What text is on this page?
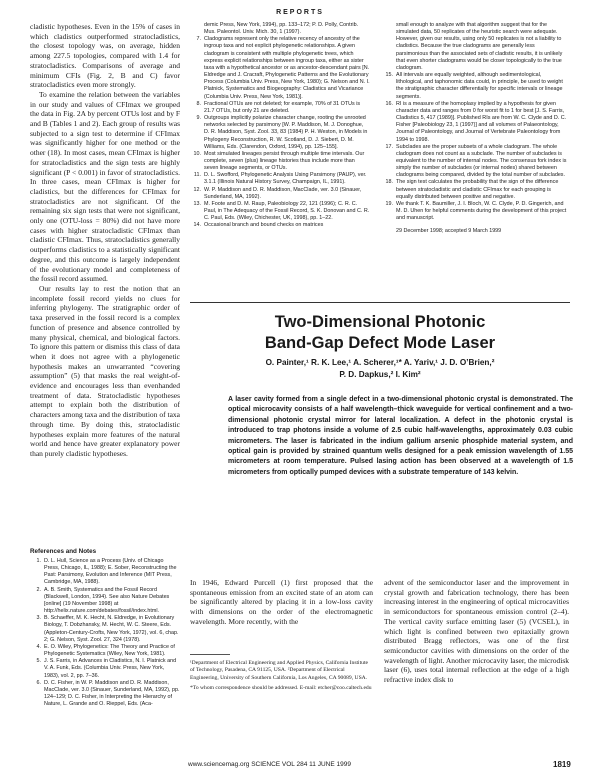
REPORTS

cladistic hypotheses. Even in the 15% of cases in which cladistics outperformed stratocladistics, the closest topology was, on average, hidden among 227.5 topologies, compared with 1.4 for stratocladistics. Comparisons of average and minimum CFIs (Fig. 2, B and C) favor stratocladistics even more strongly.

To examine the relation between the variables in our study and values of CFImax we grouped the data in Fig. 2A by percent OTUs lost and by F and B (Tables 1 and 2). Each group of results was subjected to a sign test to determine if CFImax was significantly higher for one method or the other (18). In most cases, mean CFImax is higher for stratocladistics and the sign tests are highly significant (P < 0.001) in favor of stratocladistics. In three cases, mean CFImax is higher for cladistics, but the differences for CFImax for stratocladistics are not significant. Of the remaining six sign tests that were not significant, only one (OTU-loss = 80%) did not have more cases with higher stratocladistic CFImax than cladistic CFImax. Thus, stratocladistics generally outperforms cladistics to a statistically significant degree, and this outcome is largely independent of the evolutionary model and completeness of the fossil record assumed.

Our results lay to rest the notion that an incomplete fossil record yields no clues for inferring phylogeny. The stratigraphic order of taxa preserved in the fossil record is a complex function of presence and absence controlled by many physical, chemical, and biological factors. To ignore this pattern or dismiss this class of data when it does not agree with a phylogenetic hypothesis makes an unwarranted “covering assumption” (5) that masks the real weight-of-evidence and encourages less than evenhanded treatment of data. Stratocladistic hypotheses attempt to explain both the distribution of characters among taxa and the distribution of taxa through time. By doing this, stratocladistic hypotheses explain more features of the natural world and hence have greater explanatory power than purely cladistic hypotheses.

References and Notes
1. D. L. Hull, Science as a Process (Univ. of Chicago Press, Chicago, IL, 1988); E. Sober, Reconstructing the Past: Parsimony, Evolution and Inference (MIT Press, Cambridge, MA, 1988).
2. A. B. Smith, Systematics and the Fossil Record (Blackwell, London, 1994). See also Nature Debates [online] (19 November 1998) at http://helix.nature.com/debates/fossil/index.html.
3. B. Schaeffer, M. K. Hecht, N. Eldredge, in Evolutionary Biology, T. Dobzhansky, M. Hecht, W. C. Steere, Eds. (Appleton-Century-Crofts, New York, 1972), vol. 6, chap. 2; G. Nelson, Syst. Zool. 27, 324 (1978).
4. E. O. Wiley, Phylogenetics: The Theory and Practice of Phylogenetic Systematics (Wiley, New York, 1981).
5. J. S. Farris, in Advances in Cladistics, N. I. Platnick and V. A. Funk, Eds. (Columbia Univ. Press, New York, 1983), vol. 2, pp. 7–36.
6. D. C. Fisher, in W. P. Maddison and D. R. Maddison, MacClade, ver. 3.0 (Sinauer, Sunderland, MA, 1992), pp. 124–129; D. C. Fisher, in Interpreting the Hierarchy of Nature, L. Grande and O. Rieppel, Eds. (Aca-
demic Press, New York, 1994), pp. 133–172; P. D. Polly, Contrib. Mus. Paleontol. Univ. Mich. 30, 1 (1997).
7. Cladograms represent only the relative recency of ancestry of the ingroup taxa and not explicit phylogenetic relationships. A given cladogram is consistent with multiple phylogenetic trees, which express explicit relationships between ingroup taxa, either as sister taxa with a hypothetical ancestor or as ancestor-descendant pairs [N. Eldredge and J. Cracraft, Phylogenetic Patterns and the Evolutionary Process (Columbia Univ. Press, New York, 1980); G. Nelson and N. I. Platnick, Systematics and Biogeography: Cladistics and Vicariance (Columbia Univ. Press, New York, 1981)].
8. Fractional OTUs are not deleted; for example, 70% of 31 OTUs is 21.7 OTUs, but only 21 are deleted.
9. Outgroups implicitly polarize character change, rooting the unrooted networks selected by parsimony [W. P. Maddison, M. J. Donoghue, D. R. Maddison, Syst. Zool. 33, 83 (1984) P. H. Weston, in Models in Phylogeny Reconstruction, R. W. Scotland, D. J. Siebert, D. M. Williams, Eds. (Clarendon, Oxford, 1994), pp. 125–155].
10. Most simulated lineages persist through multiple time intervals. Our complete, seven (plus) lineage histories thus include more than seven lineage segments, or OTUs.
11. D. L. Swofford, Phylogenetic Analysis Using Parsimony (PAUP), ver. 3.1.1 (Illinois Natural History Survey, Champaign, IL, 1991).
12. W. P. Maddison and D. R. Maddison, MacClade, ver. 3.0 (Sinauer, Sunderland, MA, 1992).
13. M. Foote and D. M. Raup, Paleobiology 22, 121 (1996); C. R. C. Paul, in The Adequacy of the Fossil Record, S. K. Donovan and C. R. C. Paul, Eds. (Wiley, Chichester, UK, 1998), pp. 1–22.
14. Occasional branch and bound checks on matrices
small enough to analyze with that algorithm suggest that for the simulated data, 50 replicates of the heuristic search were adequate. However, given our results, using only 50 replicates is not a liability to cladistics. Because the true cladograms are generally less parsimonious than the associated sets of cladistic results, it is unlikely that even shorter cladograms would be closer topologically to the true cladogram.
15. All intervals are equally weighted, although sedimentological, lithological, and taphonomic data could, in principle, be used to weight the stratigraphic character differentially for specific intervals or lineage segments.
16. RI is a measure of the homoplasy implied by a hypothesis for given character data and ranges from 0 for worst fit to 1 for best [J. S. Farris, Cladistics 5, 417 (1989)]. Published RIs are from W. C. Clyde and D. C. Fisher [Paleobiology 23, 1 (1997)] and all volumes of Palaeontology, Journal of Paleontology, and Journal of Vertebrate Paleontology from 1994 to 1998.
17. Subclades are the proper subsets of a whole cladogram. The whole cladogram does not count as a subclade. The number of subclades is equivalent to the number of internal nodes. The consensus fork index is simply the number of subclades (or internal nodes) shared between cladograms being compared, divided by the total number of subclades.
18. The sign test calculates the probability that the sign of the difference between stratocladistic and cladistic CFImax for each grouping is equally distributed between positive and negative.
19. We thank T. K. Baumiller, J. I. Bloch, W. C. Clyde, P. D. Gingerich, and M. D. Uhen for helpful comments during the development of this project and manuscript.
29 December 1998; accepted 9 March 1999
Two-Dimensional Photonic
Band-Gap Defect Mode Laser
O. Painter,¹ R. K. Lee,¹ A. Scherer,¹* A. Yariv,¹ J. D. O’Brien,²
P. D. Dapkus,² I. Kim²
A laser cavity formed from a single defect in a two-dimensional photonic crystal is demonstrated. The optical microcavity consists of a half wavelength–thick waveguide for vertical confinement and a two-dimensional photonic crystal mirror for lateral localization. A defect in the photonic crystal is introduced to trap photons inside a volume of 2.5 cubic half-wavelengths, approximately 0.03 cubic micrometers. The laser is fabricated in the indium gallium arsenic phosphide material system, and optical gain is provided by strained quantum wells designed for a peak emission wavelength of 1.55 micrometers at room temperature. Pulsed lasing action has been observed at a wavelength of 1.5 micrometers from optically pumped devices with a substrate temperature of 143 kelvin.

In 1946, Edward Purcell (1) first proposed that the spontaneous emission from an excited state of an atom can be significantly altered by placing it in a low-loss cavity with dimensions on the order of the electromagnetic wavelength. More recently, with the

¹Department of Electrical Engineering and Applied Physics, California Institute of Technology, Pasadena, CA 91125, USA. ²Department of Electrical Engineering, University of Southern California, Los Angeles, CA 90089, USA.

*To whom correspondence should be addressed. E-mail: etcher@coo.caltech.edu

advent of the semiconductor laser and the improvement in crystal growth and fabrication technology, there has been increasing interest in the engineering of optical microcavities in semiconductors for spontaneous emission control (2–4). The vertical cavity surface emitting laser (5) (VCSEL), in which light is confined between two epitaxially grown distributed Bragg reflectors, was one of the first semiconductor cavities with dimensions on the order of the wavelength of light. Another microcavity laser, the microdisk laser (6), uses total internal reflection at the edge of a high refractive index disk to

www.sciencemag.org SCIENCE VOL 284 11 JUNE 1999	1819
